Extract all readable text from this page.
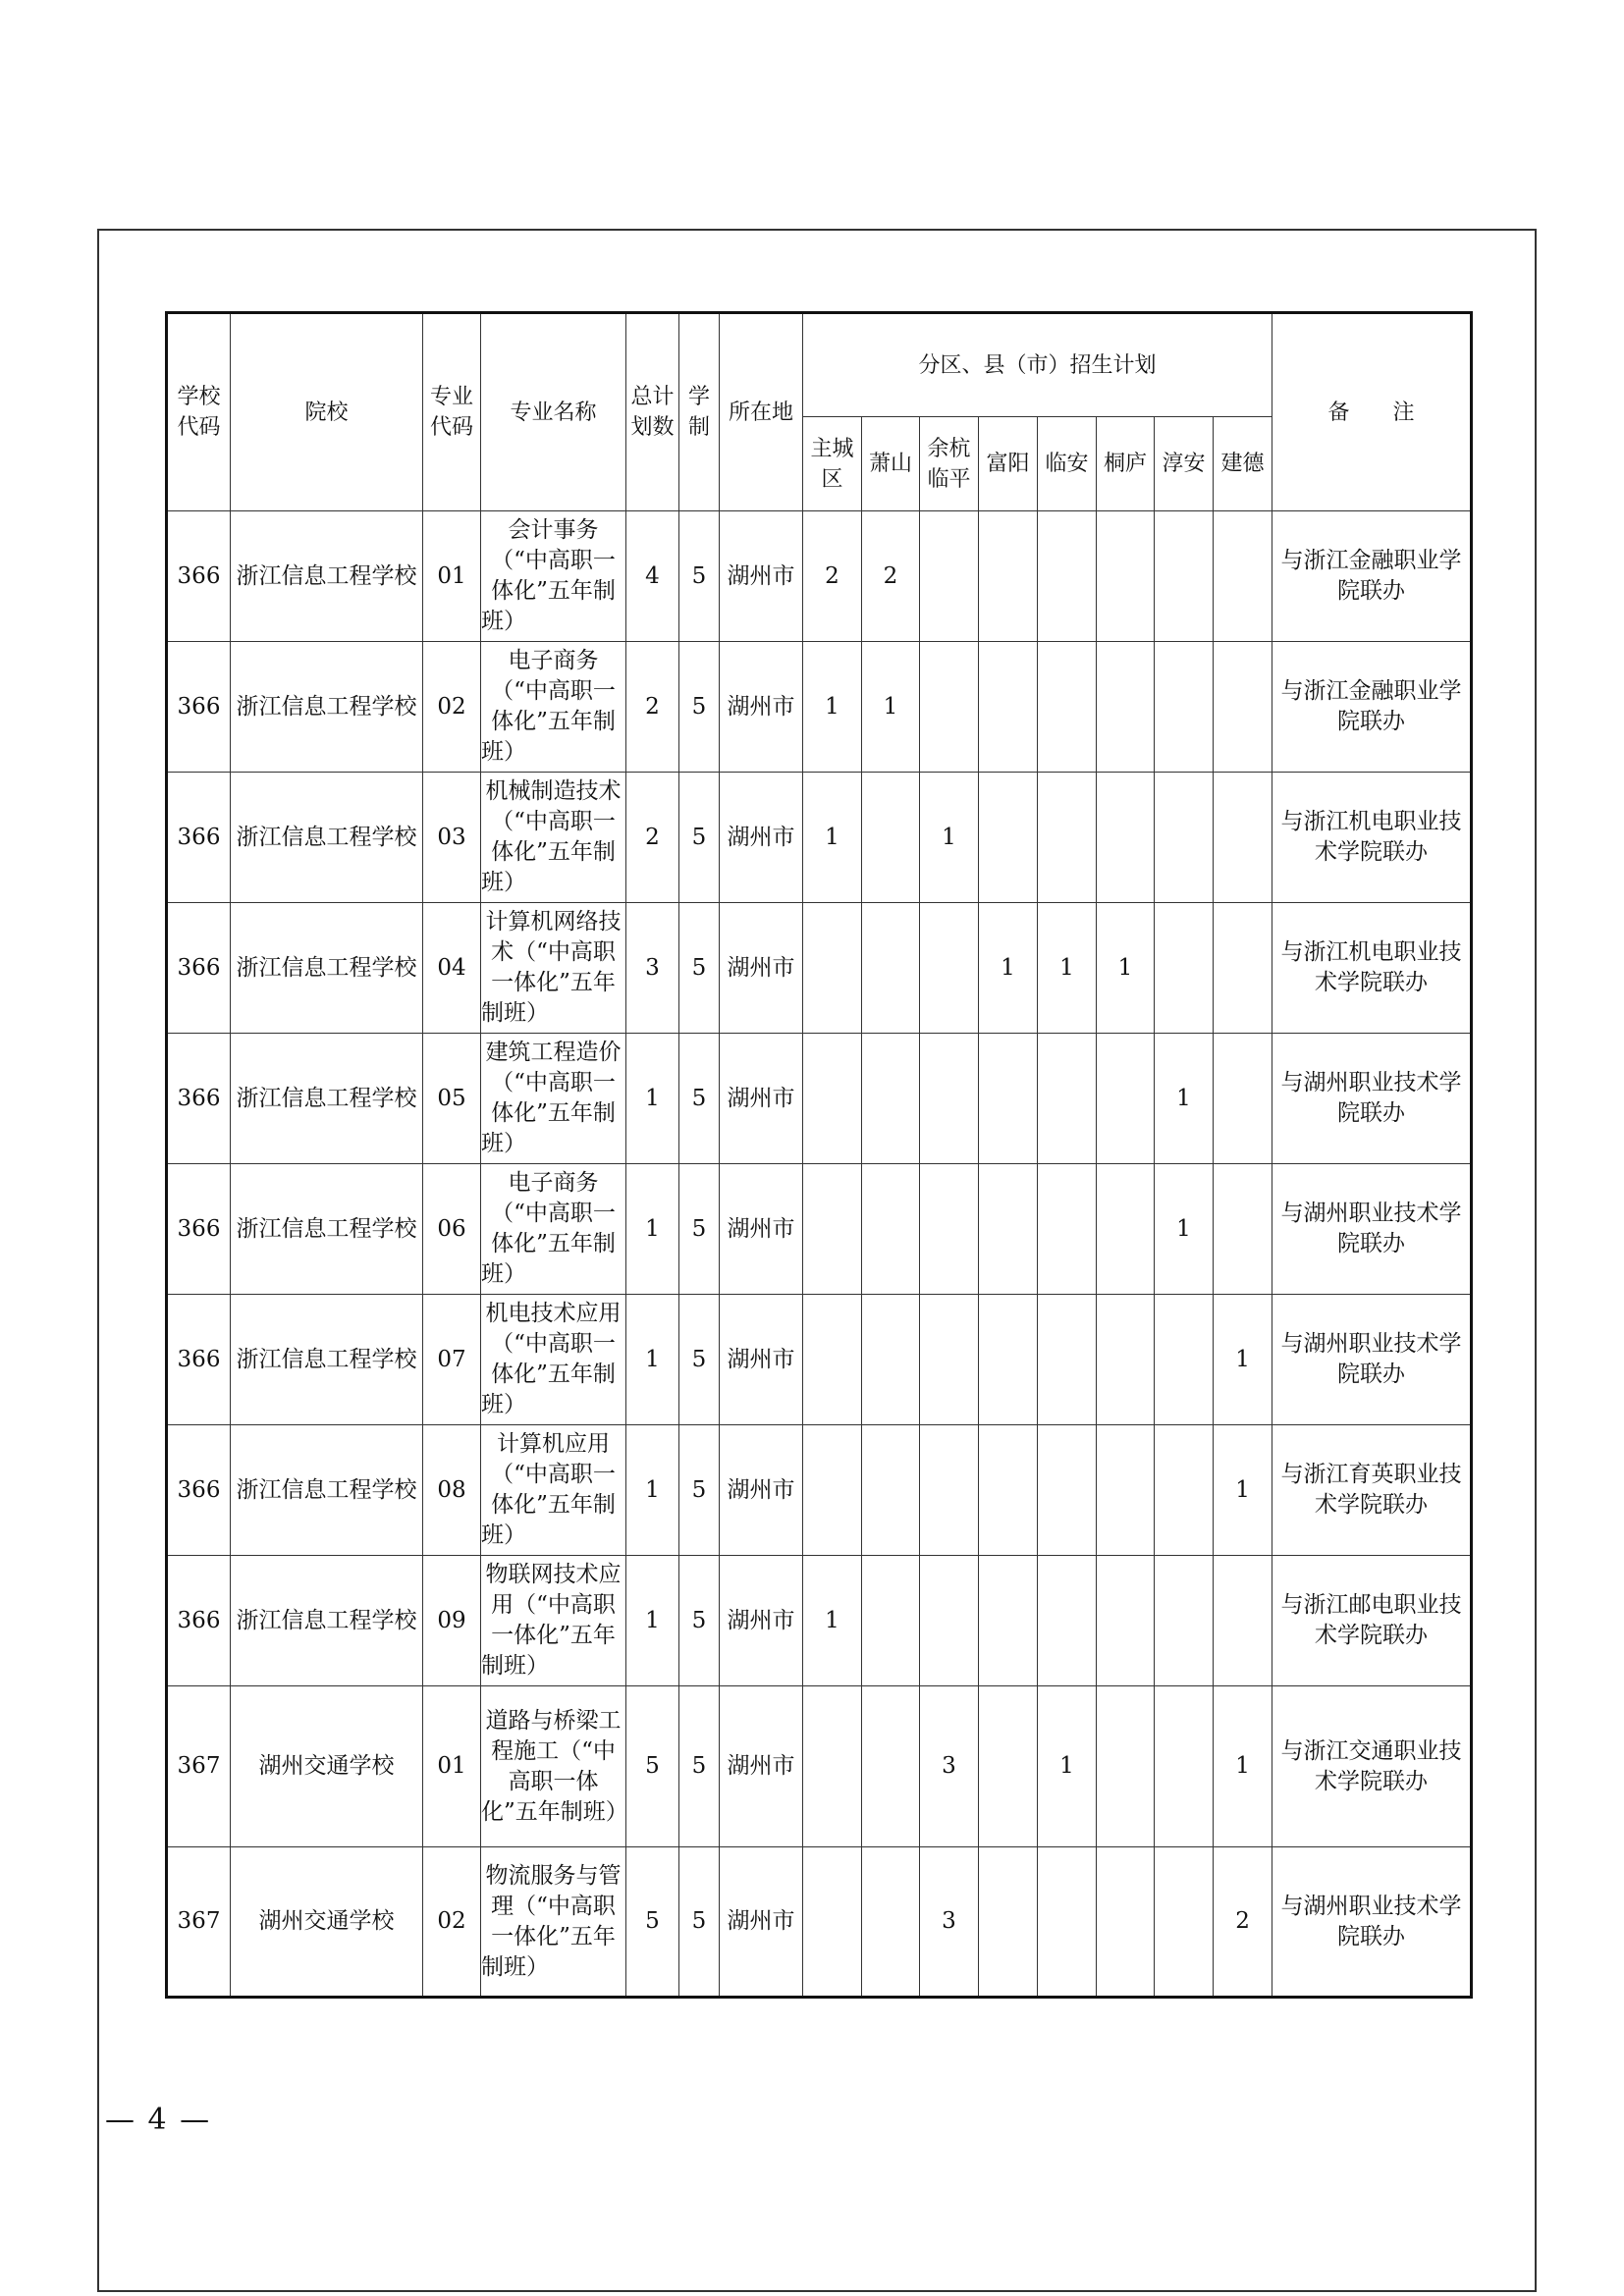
学校代码	院校	专业代码	专业名称	总计划数	学制	所在地	分区、县（市）招生计划								备　　注
							主城区	萧山	余杭临平	富阳	临安	桐庐	淳安	建德	
366	浙江信息工程学校	01	会计事务（“中高职一体化”五年制班）	4	5	湖州市	2	2							与浙江金融职业学院联办
366	浙江信息工程学校	02	电子商务（“中高职一体化”五年制班）	2	5	湖州市	1	1							与浙江金融职业学院联办
366	浙江信息工程学校	03	机械制造技术（“中高职一体化”五年制班）	2	5	湖州市	1		1						与浙江机电职业技术学院联办
366	浙江信息工程学校	04	计算机网络技术（“中高职一体化”五年制班）	3	5	湖州市				1	1	1			与浙江机电职业技术学院联办
366	浙江信息工程学校	05	建筑工程造价（“中高职一体化”五年制班）	1	5	湖州市							1		与湖州职业技术学院联办
366	浙江信息工程学校	06	电子商务（“中高职一体化”五年制班）	1	5	湖州市							1		与湖州职业技术学院联办
366	浙江信息工程学校	07	机电技术应用（“中高职一体化”五年制班）	1	5	湖州市								1	与湖州职业技术学院联办
366	浙江信息工程学校	08	计算机应用（“中高职一体化”五年制班）	1	5	湖州市								1	与浙江育英职业技术学院联办
366	浙江信息工程学校	09	物联网技术应用（“中高职一体化”五年制班）	1	5	湖州市	1								与浙江邮电职业技术学院联办
367	湖州交通学校	01	道路与桥梁工程施工（“中高职一体化”五年制班）	5	5	湖州市			3		1			1	与浙江交通职业技术学院联办
367	湖州交通学校	02	物流服务与管理（“中高职一体化”五年制班）	5	5	湖州市			3					2	与湖州职业技术学院联办
— 4 —
